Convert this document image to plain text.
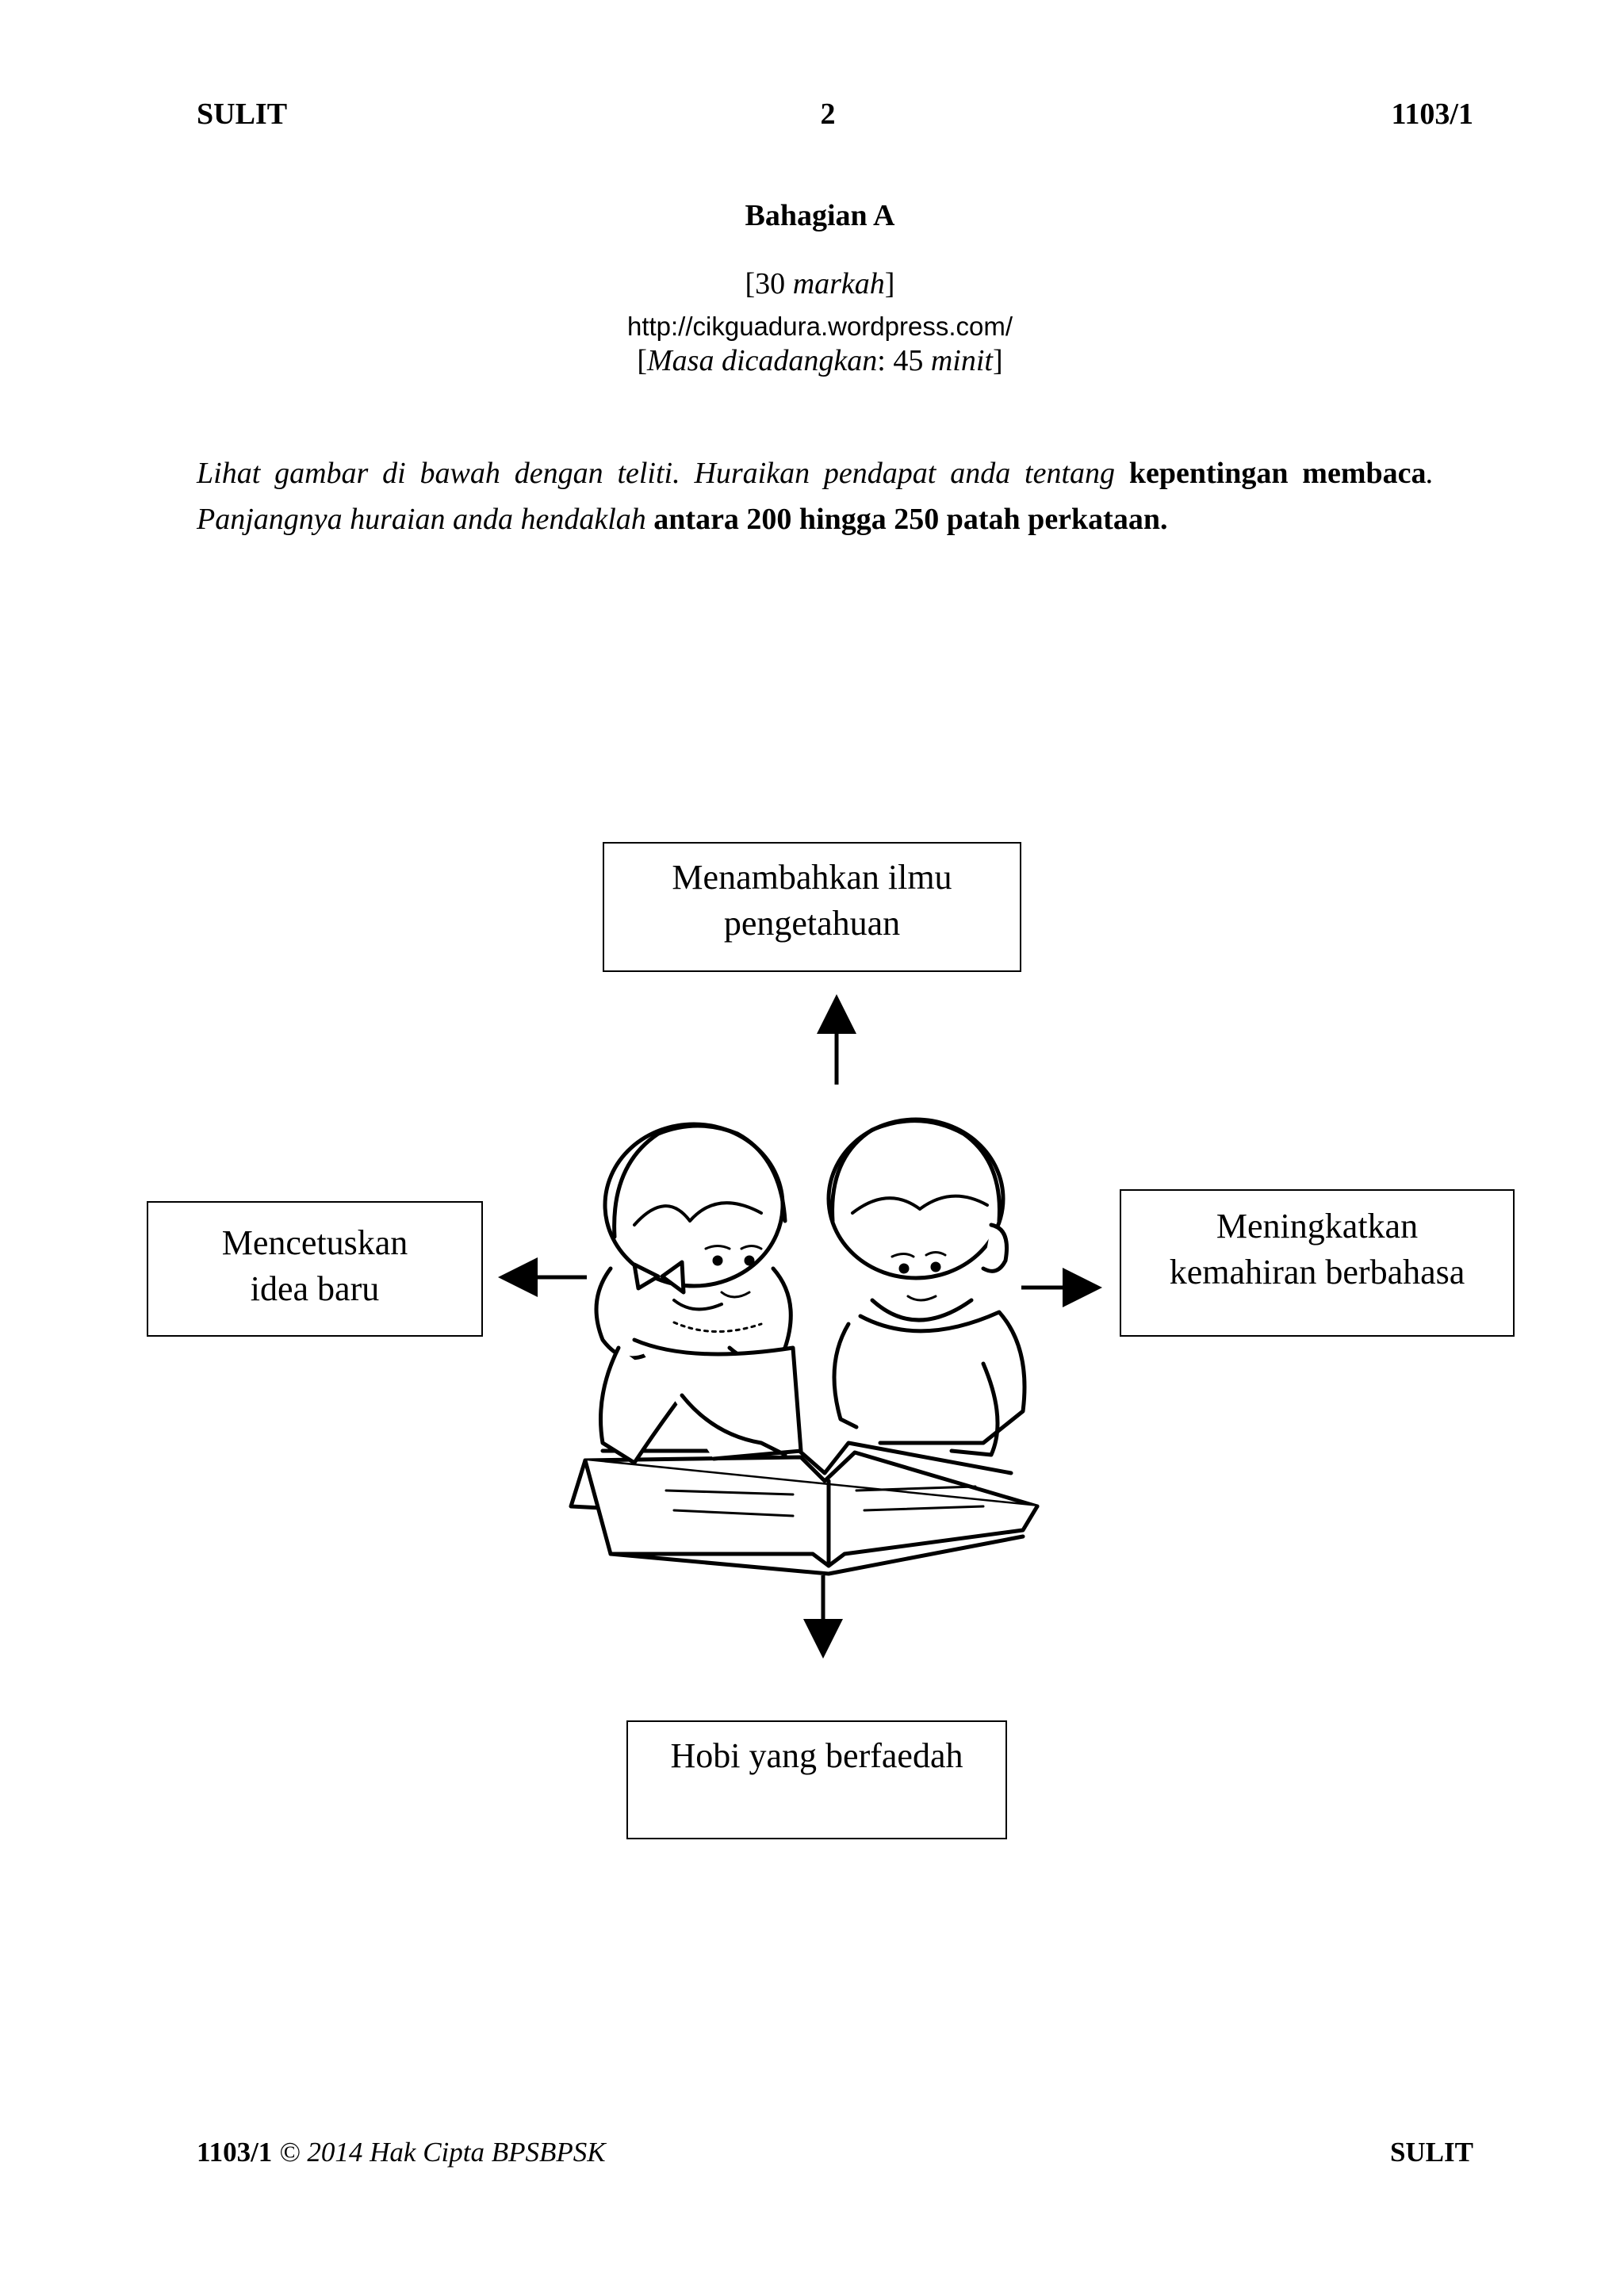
SULIT	2	1103/1
Bahagian A
[30 markah]
http://cikguadura.wordpress.com/
[Masa dicadangkan: 45 minit]
Lihat gambar di bawah dengan teliti. Huraikan pendapat anda tentang kepentingan membaca. Panjangnya huraian anda hendaklah antara 200 hingga 250 patah perkataan.
Menambahkan ilmu
pengetahuan
Mencetuskan
idea baru
Meningkatkan
kemahiran berbahasa
Hobi yang berfaedah
1103/1 © 2014 Hak Cipta BPSBPSK	SULIT
